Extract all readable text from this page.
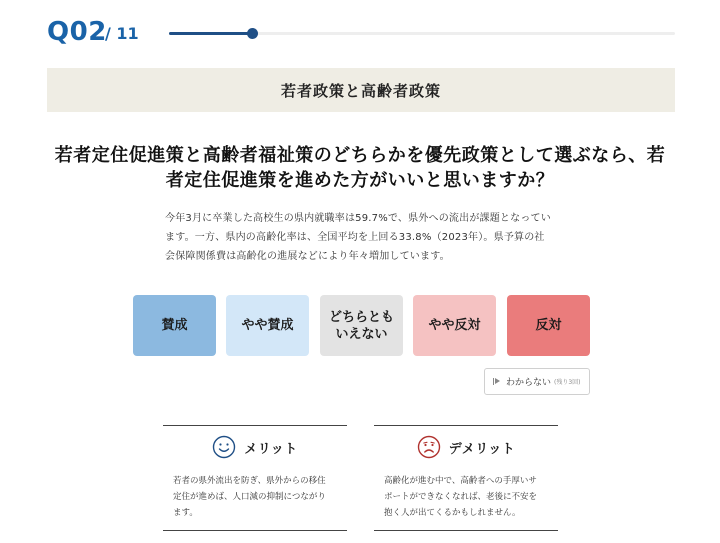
Q02
/ 11
若者政策と高齢者政策
若者定住促進策と高齢者福祉策のどちらかを優先政策として選ぶなら、若
者定住促進策を進めた方がいいと思いますか？
今年3月に卒業した高校生の県内就職率は59.7%で、県外への流出が課題となってい
ます。一方、県内の高齢化率は、全国平均を上回る33.8%（2023年）。県予算の社
会保障関係費は高齢化の進展などにより年々増加しています。
賛成	やや賛成
どちらとも
いえない
やや反対	反対
わからない (残り3回)
メリット
若者の県外流出を防ぎ、県外からの移住
定住が進めば、人口減の抑制につながり
ます。
デメリット
高齢化が進む中で、高齢者への手厚いサ
ポートができなくなれば、老後に不安を
抱く人が出てくるかもしれません。
